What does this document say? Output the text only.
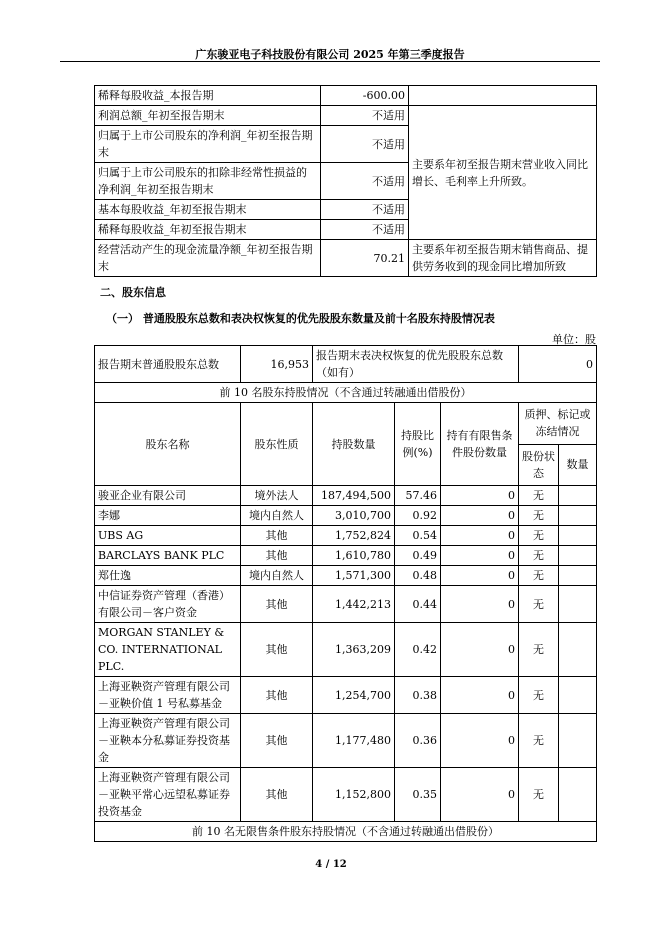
广东骏亚电子科技股份有限公司 2025 年第三季度报告
稀释每股收益_本报告期	-600.00	
利润总额_年初至报告期末	不适用	主要系年初至报告期末营业收入同比增长、毛利率上升所致。
归属于上市公司股东的净利润_年初至报告期末	不适用	
归属于上市公司股东的扣除非经常性损益的净利润_年初至报告期末	不适用	
基本每股收益_年初至报告期末	不适用	
稀释每股收益_年初至报告期末	不适用	
经营活动产生的现金流量净额_年初至报告期末	70.21	主要系年初至报告期末销售商品、提供劳务收到的现金同比增加所致
二、股东信息
（一） 普通股股东总数和表决权恢复的优先股股东数量及前十名股东持股情况表
单位：股
报告期末普通股股东总数	16,953	报告期末表决权恢复的优先股股东总数（如有）			0	
前 10 名股东持股情况（不含通过转融通出借股份）						
股东名称	股东性质	持股数量	持股比例(%)	持有有限售条件股份数量	质押、标记或冻结情况	
					股份状态	数量
骏亚企业有限公司	境外法人	187,494,500	57.46	0	无	
李娜	境内自然人	3,010,700	0.92	0	无	
UBS AG	其他	1,752,824	0.54	0	无	
BARCLAYS BANK PLC	其他	1,610,780	0.49	0	无	
郑仕逸	境内自然人	1,571,300	0.48	0	无	
中信证券资产管理（香港）有限公司－客户资金	其他	1,442,213	0.44	0	无	
MORGAN STANLEY & CO. INTERNATIONAL PLC.	其他	1,363,209	0.42	0	无	
上海亚鞅资产管理有限公司－亚鞅价值 1 号私募基金	其他	1,254,700	0.38	0	无	
上海亚鞅资产管理有限公司－亚鞅本分私募证券投资基金	其他	1,177,480	0.36	0	无	
上海亚鞅资产管理有限公司－亚鞅平常心远望私募证券投资基金	其他	1,152,800	0.35	0	无	
前 10 名无限售条件股东持股情况（不含通过转融通出借股份）						
4 / 12
